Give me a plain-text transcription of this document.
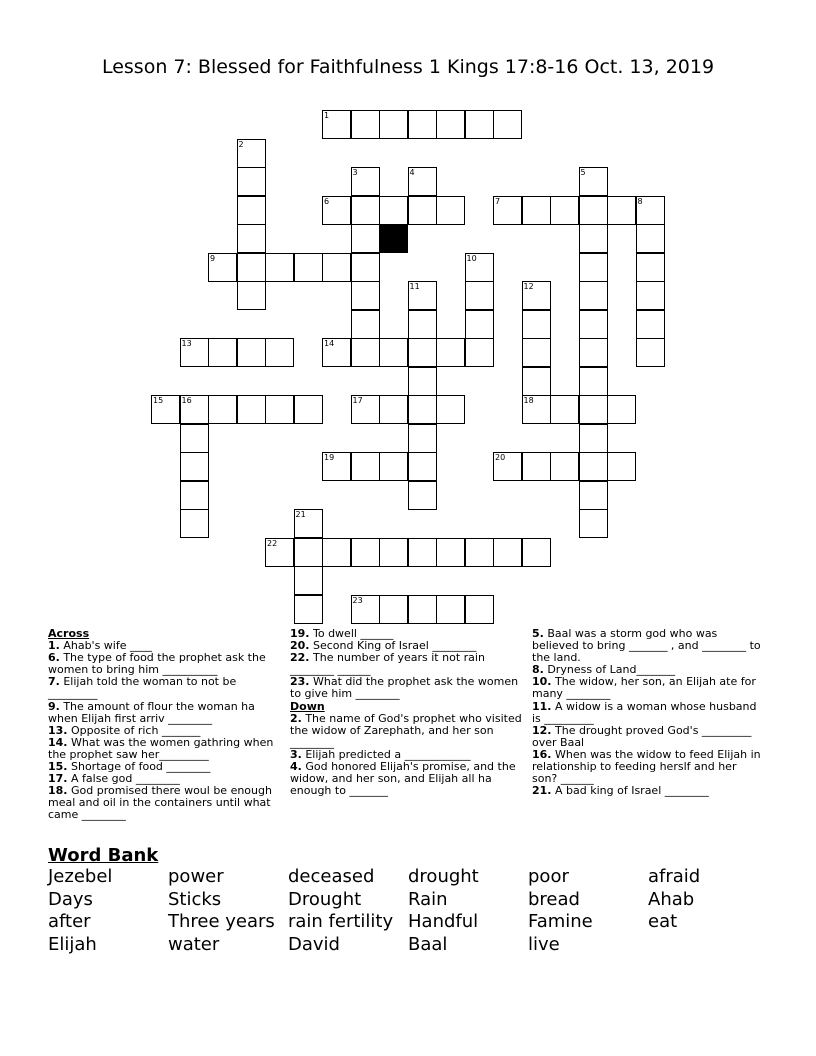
Lesson 7: Blessed for Faithfulness 1 Kings 17:8-16 Oct. 13, 2019
1
6	7	8
9
13	14
15 16	17	18
19	20
22
23
2
3	4	5
10
11	12
21
Across
1. Ahab's wife ____
6. The type of food the prophet ask the women to bring him __________
7. Elijah told the woman to not be _________
9. The amount of flour the woman ha when Elijah first arriv ________
13. Opposite of rich _______
14. What was the women gathring when the prophet saw her_________
15. Shortage of food ________
17. A false god ________
18. God promised there woul be enough meal and oil in the containers until what came ________
19. To dwell ______
20. Second King of Israel ________
22. The number of years it not rain ________ ______
23. What did the prophet ask the women to give him ________
Down
2. The name of God's prophet who visited the widow of Zarephath, and her son ________
3. Elijah predicted a ____________
4. God honored Elijah's promise, and the widow, and her son, and Elijah all ha enough to _______
5. Baal was a storm god who was believed to bring _______ , and ________ to the land.
8. Dryness of Land_______
10. The widow, her son, an Elijah ate for many ________
11. A widow is a woman whose husband is _________
12. The drought proved God's _________ over Baal
16. When was the widow to feed Elijah in relationship to feeding hersl​f and her son? ______
21. A bad king of Israel ________
Word Bank
Jezebel
Days
after
Elijah
power
Sticks
Three years
water
deceased
Drought
rain fertility
David
drought
Rain
Handful
Baal
poor
bread
Famine
live
afraid
Ahab
eat
